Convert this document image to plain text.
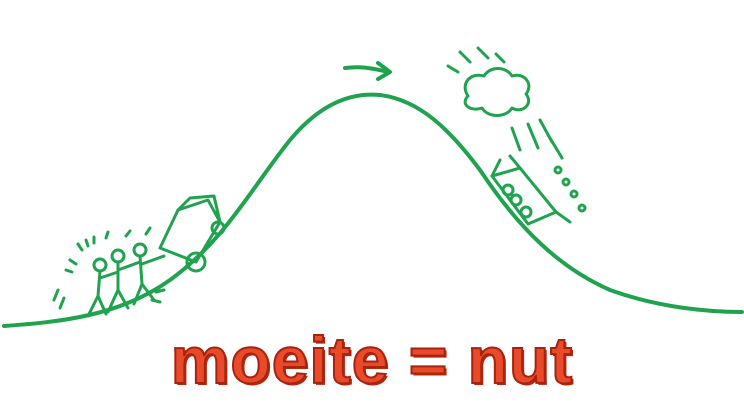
moeite = nut
